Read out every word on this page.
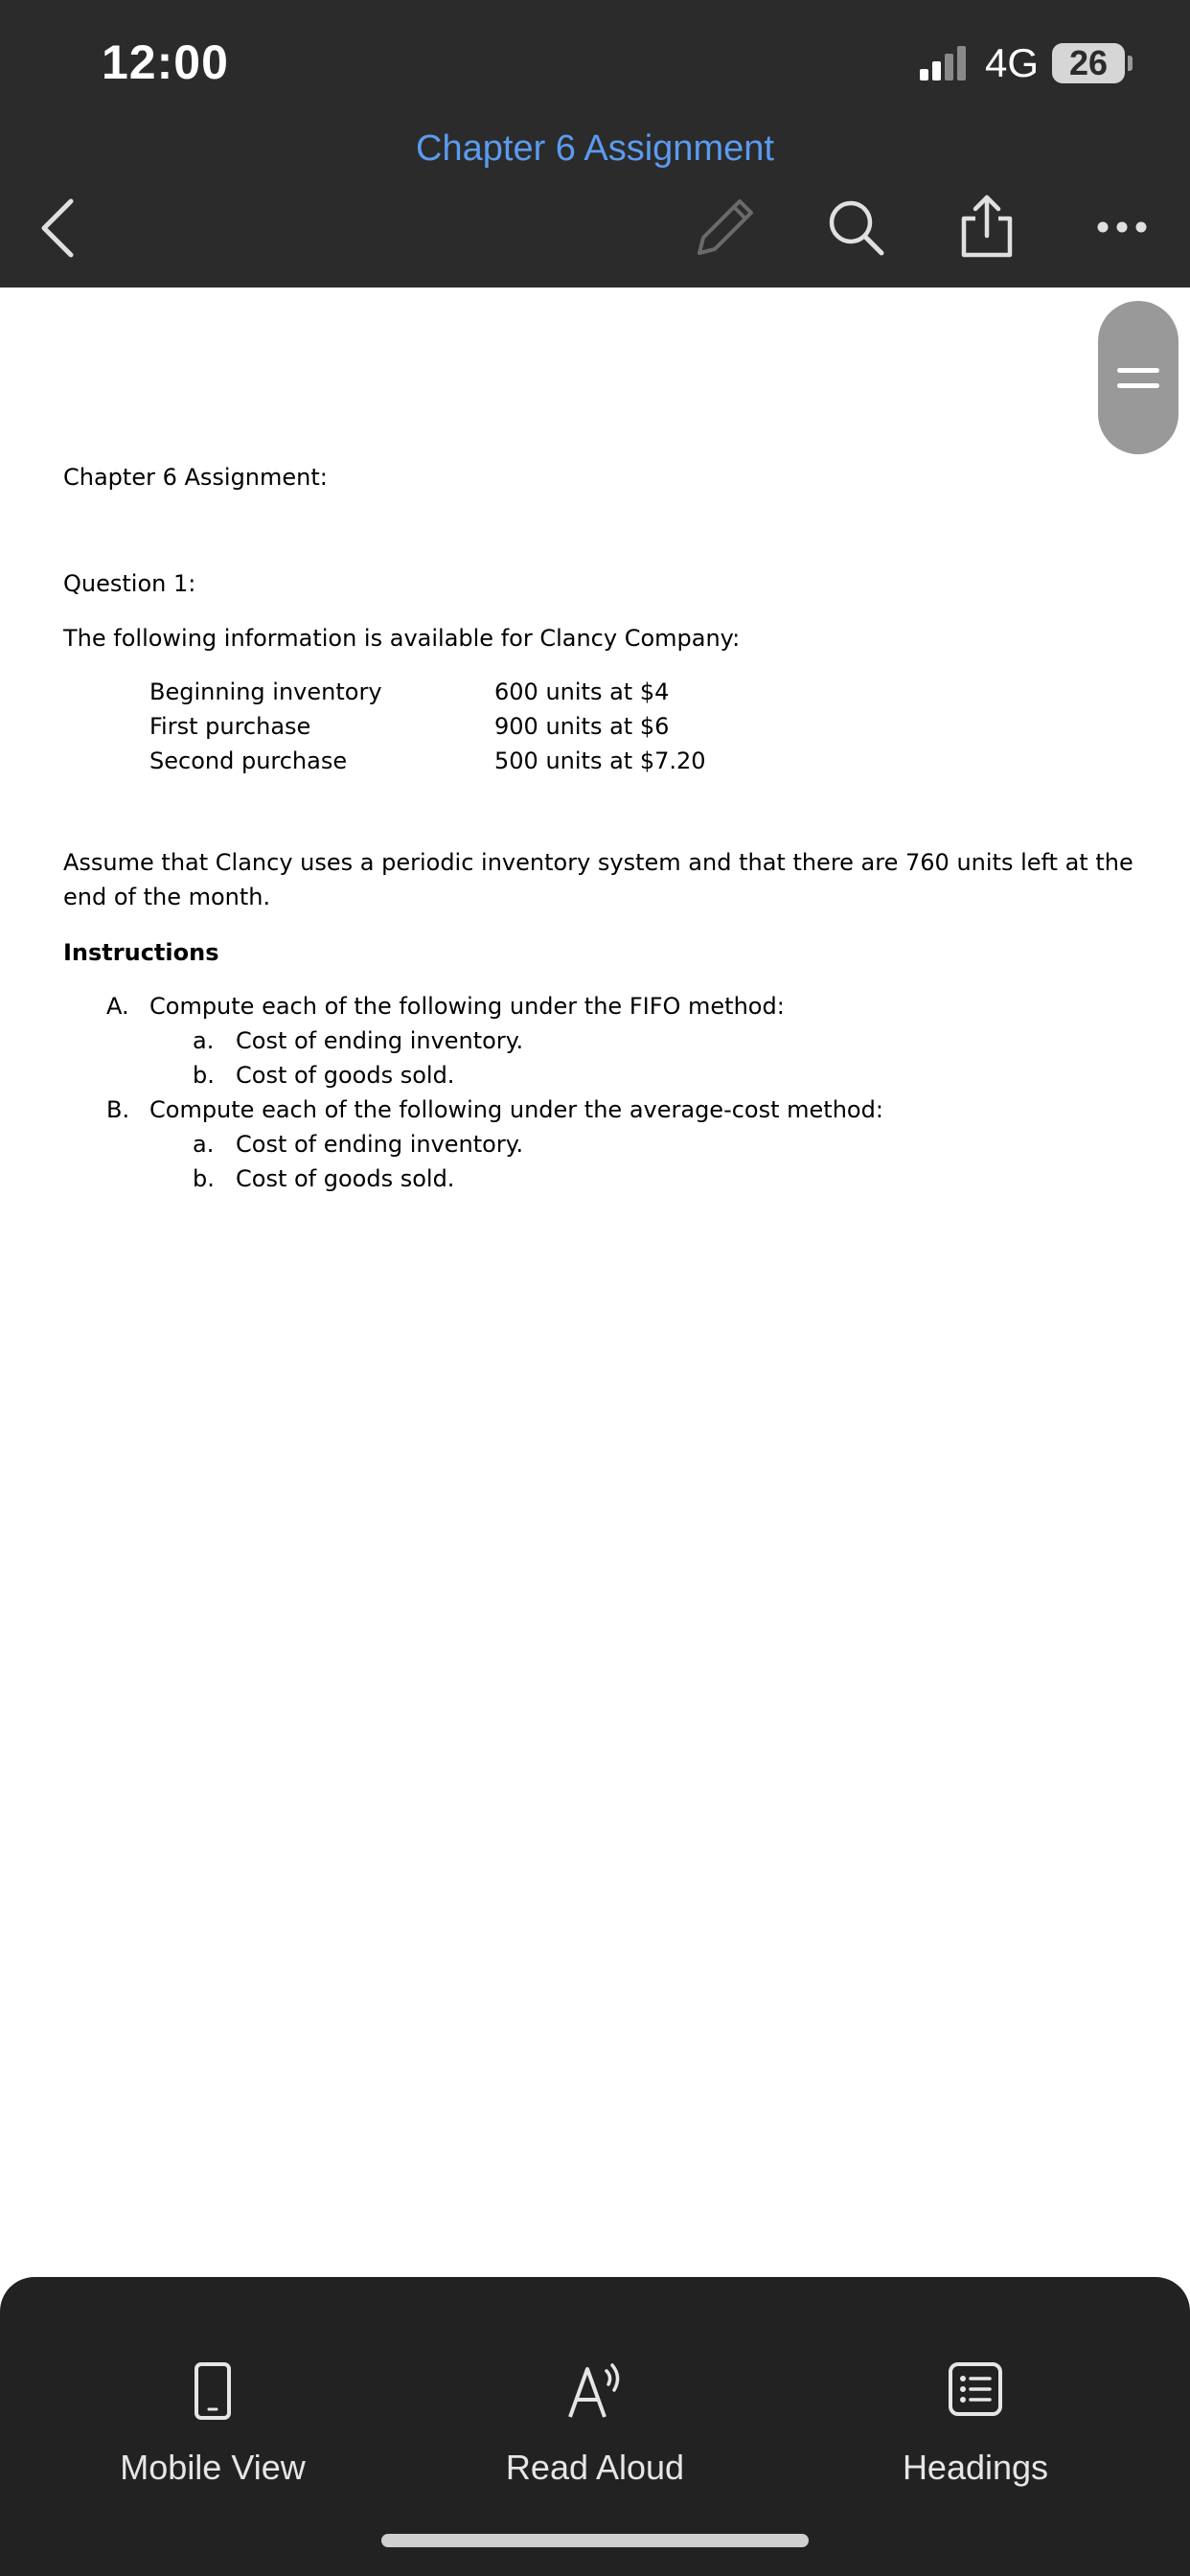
12:00	4G 26
Chapter 6 Assignment

Chapter 6 Assignment:

Question 1:

The following information is available for Clancy Company:

Beginning inventory	600 units at $4
First purchase	900 units at $6
Second purchase	500 units at $7.20

Assume that Clancy uses a periodic inventory system and that there are 760 units left at the end of the month.

Instructions

A. Compute each of the following under the FIFO method:
a. Cost of ending inventory.
b. Cost of goods sold.
B. Compute each of the following under the average-cost method:
a. Cost of ending inventory.
b. Cost of goods sold.
Mobile View	Read Aloud	Headings
